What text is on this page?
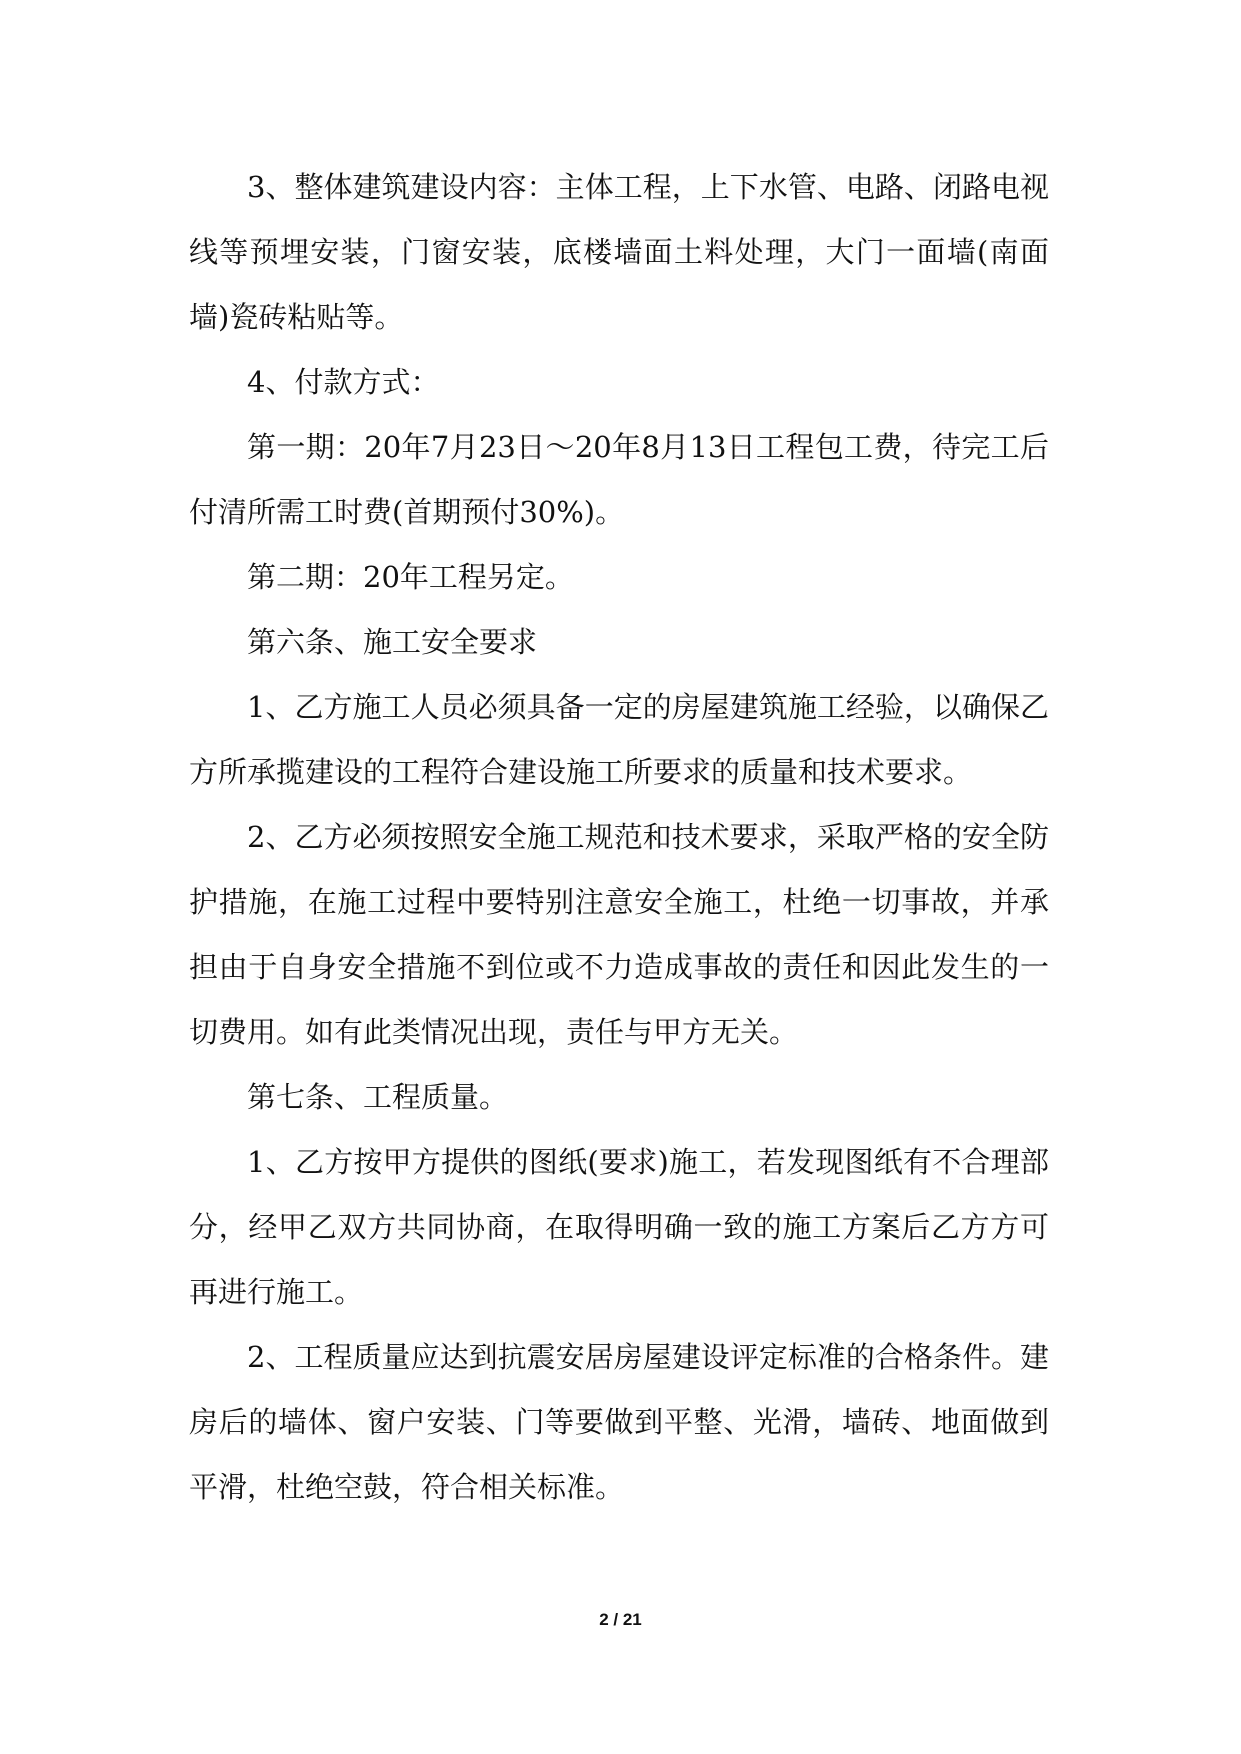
3、整体建筑建设内容：主体工程，上下水管、电路、闭路电视线等预埋安装，门窗安装，底楼墙面土料处理，大门一面墙(南面墙)瓷砖粘贴等。

4、付款方式：

第一期：20年7月23日～20年8月13日工程包工费，待完工后付清所需工时费(首期预付30%)。

第二期：20年工程另定。

第六条、施工安全要求

1、乙方施工人员必须具备一定的房屋建筑施工经验，以确保乙方所承揽建设的工程符合建设施工所要求的质量和技术要求。

2、乙方必须按照安全施工规范和技术要求，采取严格的安全防护措施，在施工过程中要特别注意安全施工，杜绝一切事故，并承担由于自身安全措施不到位或不力造成事故的责任和因此发生的一切费用。如有此类情况出现，责任与甲方无关。

第七条、工程质量。

1、乙方按甲方提供的图纸(要求)施工，若发现图纸有不合理部分，经甲乙双方共同协商，在取得明确一致的施工方案后乙方方可再进行施工。

2、工程质量应达到抗震安居房屋建设评定标准的合格条件。建房后的墙体、窗户安装、门等要做到平整、光滑，墙砖、地面做到平滑，杜绝空鼓，符合相关标准。

2 / 21
